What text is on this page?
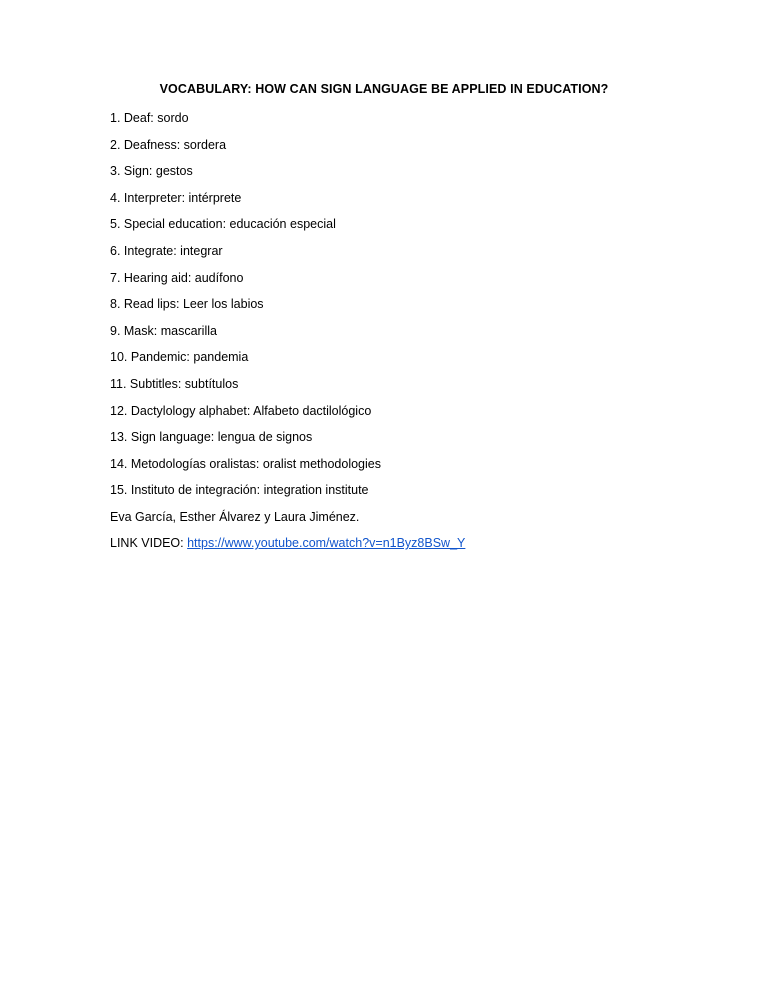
VOCABULARY: HOW CAN SIGN LANGUAGE BE APPLIED IN EDUCATION?
1. Deaf: sordo
2. Deafness: sordera
3. Sign: gestos
4. Interpreter: intérprete
5. Special education: educación especial
6. Integrate: integrar
7. Hearing aid: audífono
8. Read lips: Leer los labios
9. Mask: mascarilla
10. Pandemic: pandemia
11. Subtitles: subtítulos
12. Dactylology alphabet: Alfabeto dactilológico
13. Sign language: lengua de signos
14. Metodologías oralistas: oralist methodologies
15. Instituto de integración: integration institute
Eva García, Esther Álvarez y Laura Jiménez.
LINK VIDEO: https://www.youtube.com/watch?v=n1Byz8BSw_Y
